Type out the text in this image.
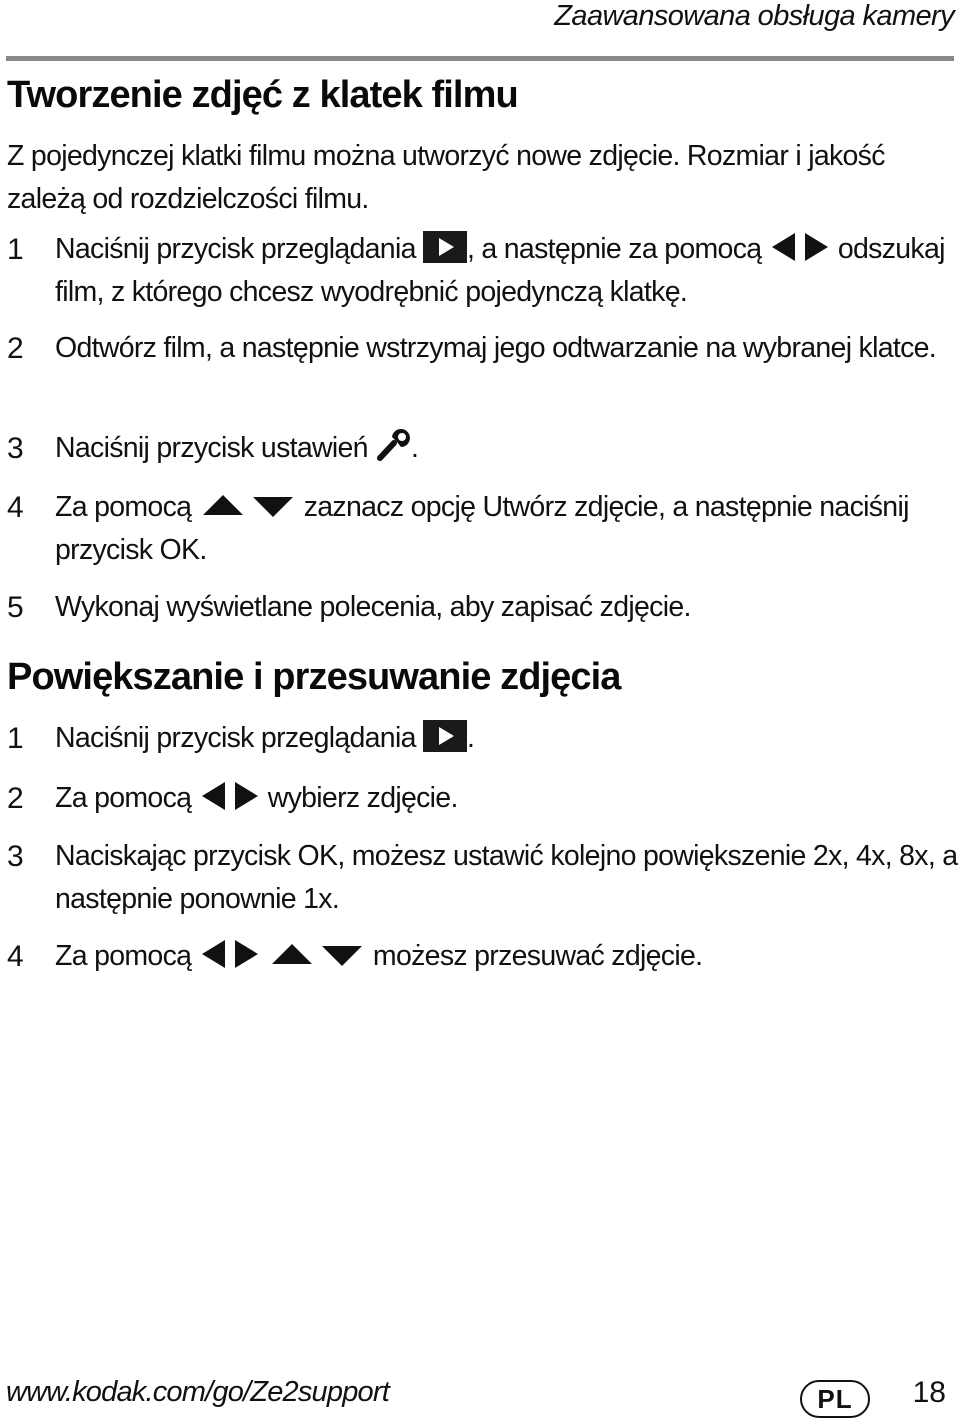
Zaawansowana obsługa kamery
Tworzenie zdjęć z klatek filmu

Z pojedynczej klatki filmu można utworzyć nowe zdjęcie. Rozmiar i jakość zależą od rozdzielczości filmu.

1 Naciśnij przycisk przeglądania
, a następnie za pomocą
odszukaj film, z którego chcesz wyodrębnić pojedynczą klatkę.
2 Odtwórz film, a następnie wstrzymaj jego odtwarzanie na wybranej klatce.
3 Naciśnij przycisk ustawień
.
4 Za pomocą	zaznacz opcję Utwórz zdjęcie, a następnie naciśnij przycisk OK.
5 Wykonaj wyświetlane polecenia, aby zapisać zdjęcie.
Powiększanie i przesuwanie zdjęcia
1 Naciśnij przycisk przeglądania
.
2 Za pomocą
wybierz zdjęcie.
3 Naciskając przycisk OK, możesz ustawić kolejno powiększenie 2x, 4x, 8x, a następnie ponownie 1x.
4 Za pomocą
	możesz przesuwać zdjęcie.
www.kodak.com/go/Ze2support	PL	18
